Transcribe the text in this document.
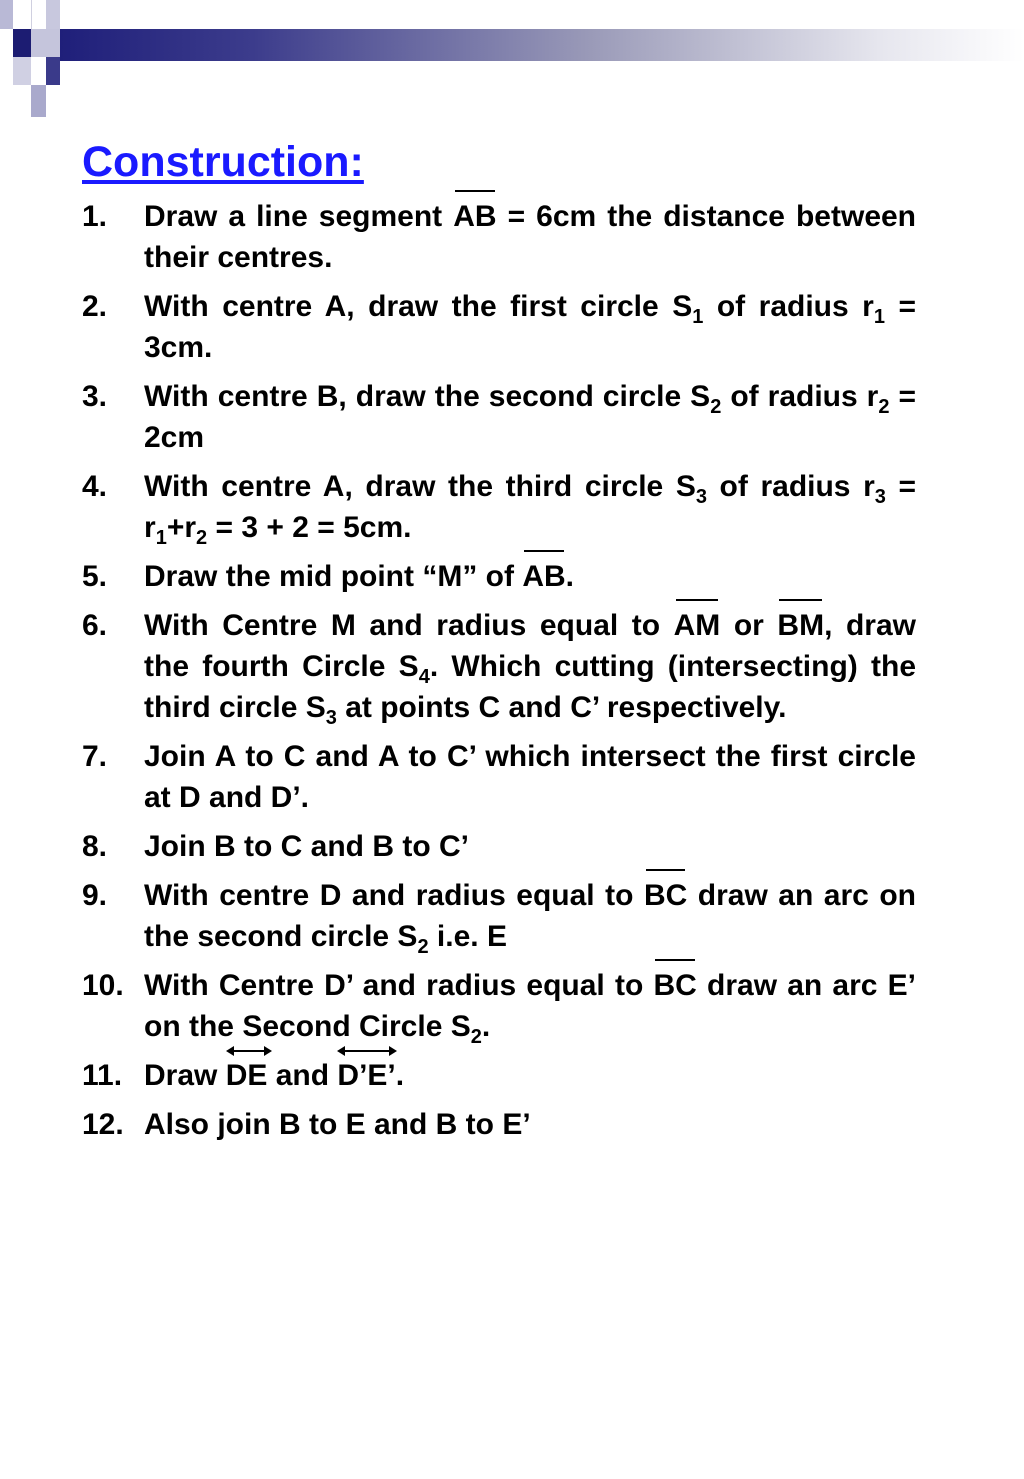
Construction:
1. Draw a line segment AB = 6cm the distance between their centres.
2. With centre A, draw the first circle $S_1$ of radius $r_1 = 3cm$.
3. With centre B, draw the second circle $S_2$ of radius $r_2 = 2cm$
4. With centre A, draw the third circle $S_3$ of radius $r_3 = r_1+r_2 = 3 + 2 = 5cm$.
5. Draw the mid point “M” of AB.
6. With Centre M and radius equal to AM or BM, draw the fourth Circle $S_4$. Which cutting (intersecting) the third circle $S_3$ at points C and C’ respectively.
7. Join A to C and A to C’ which intersect the first circle at D and D’.
8. Join B to C and B to C’
9. With centre D and radius equal to BC draw an arc on the second circle $S_2$ i.e. E
10. With Centre D’ and radius equal to BC draw an arc E’ on the Second Circle $S_2$.
11. Draw
DE and
D’E’.
12. Also join B to E and B to E’
